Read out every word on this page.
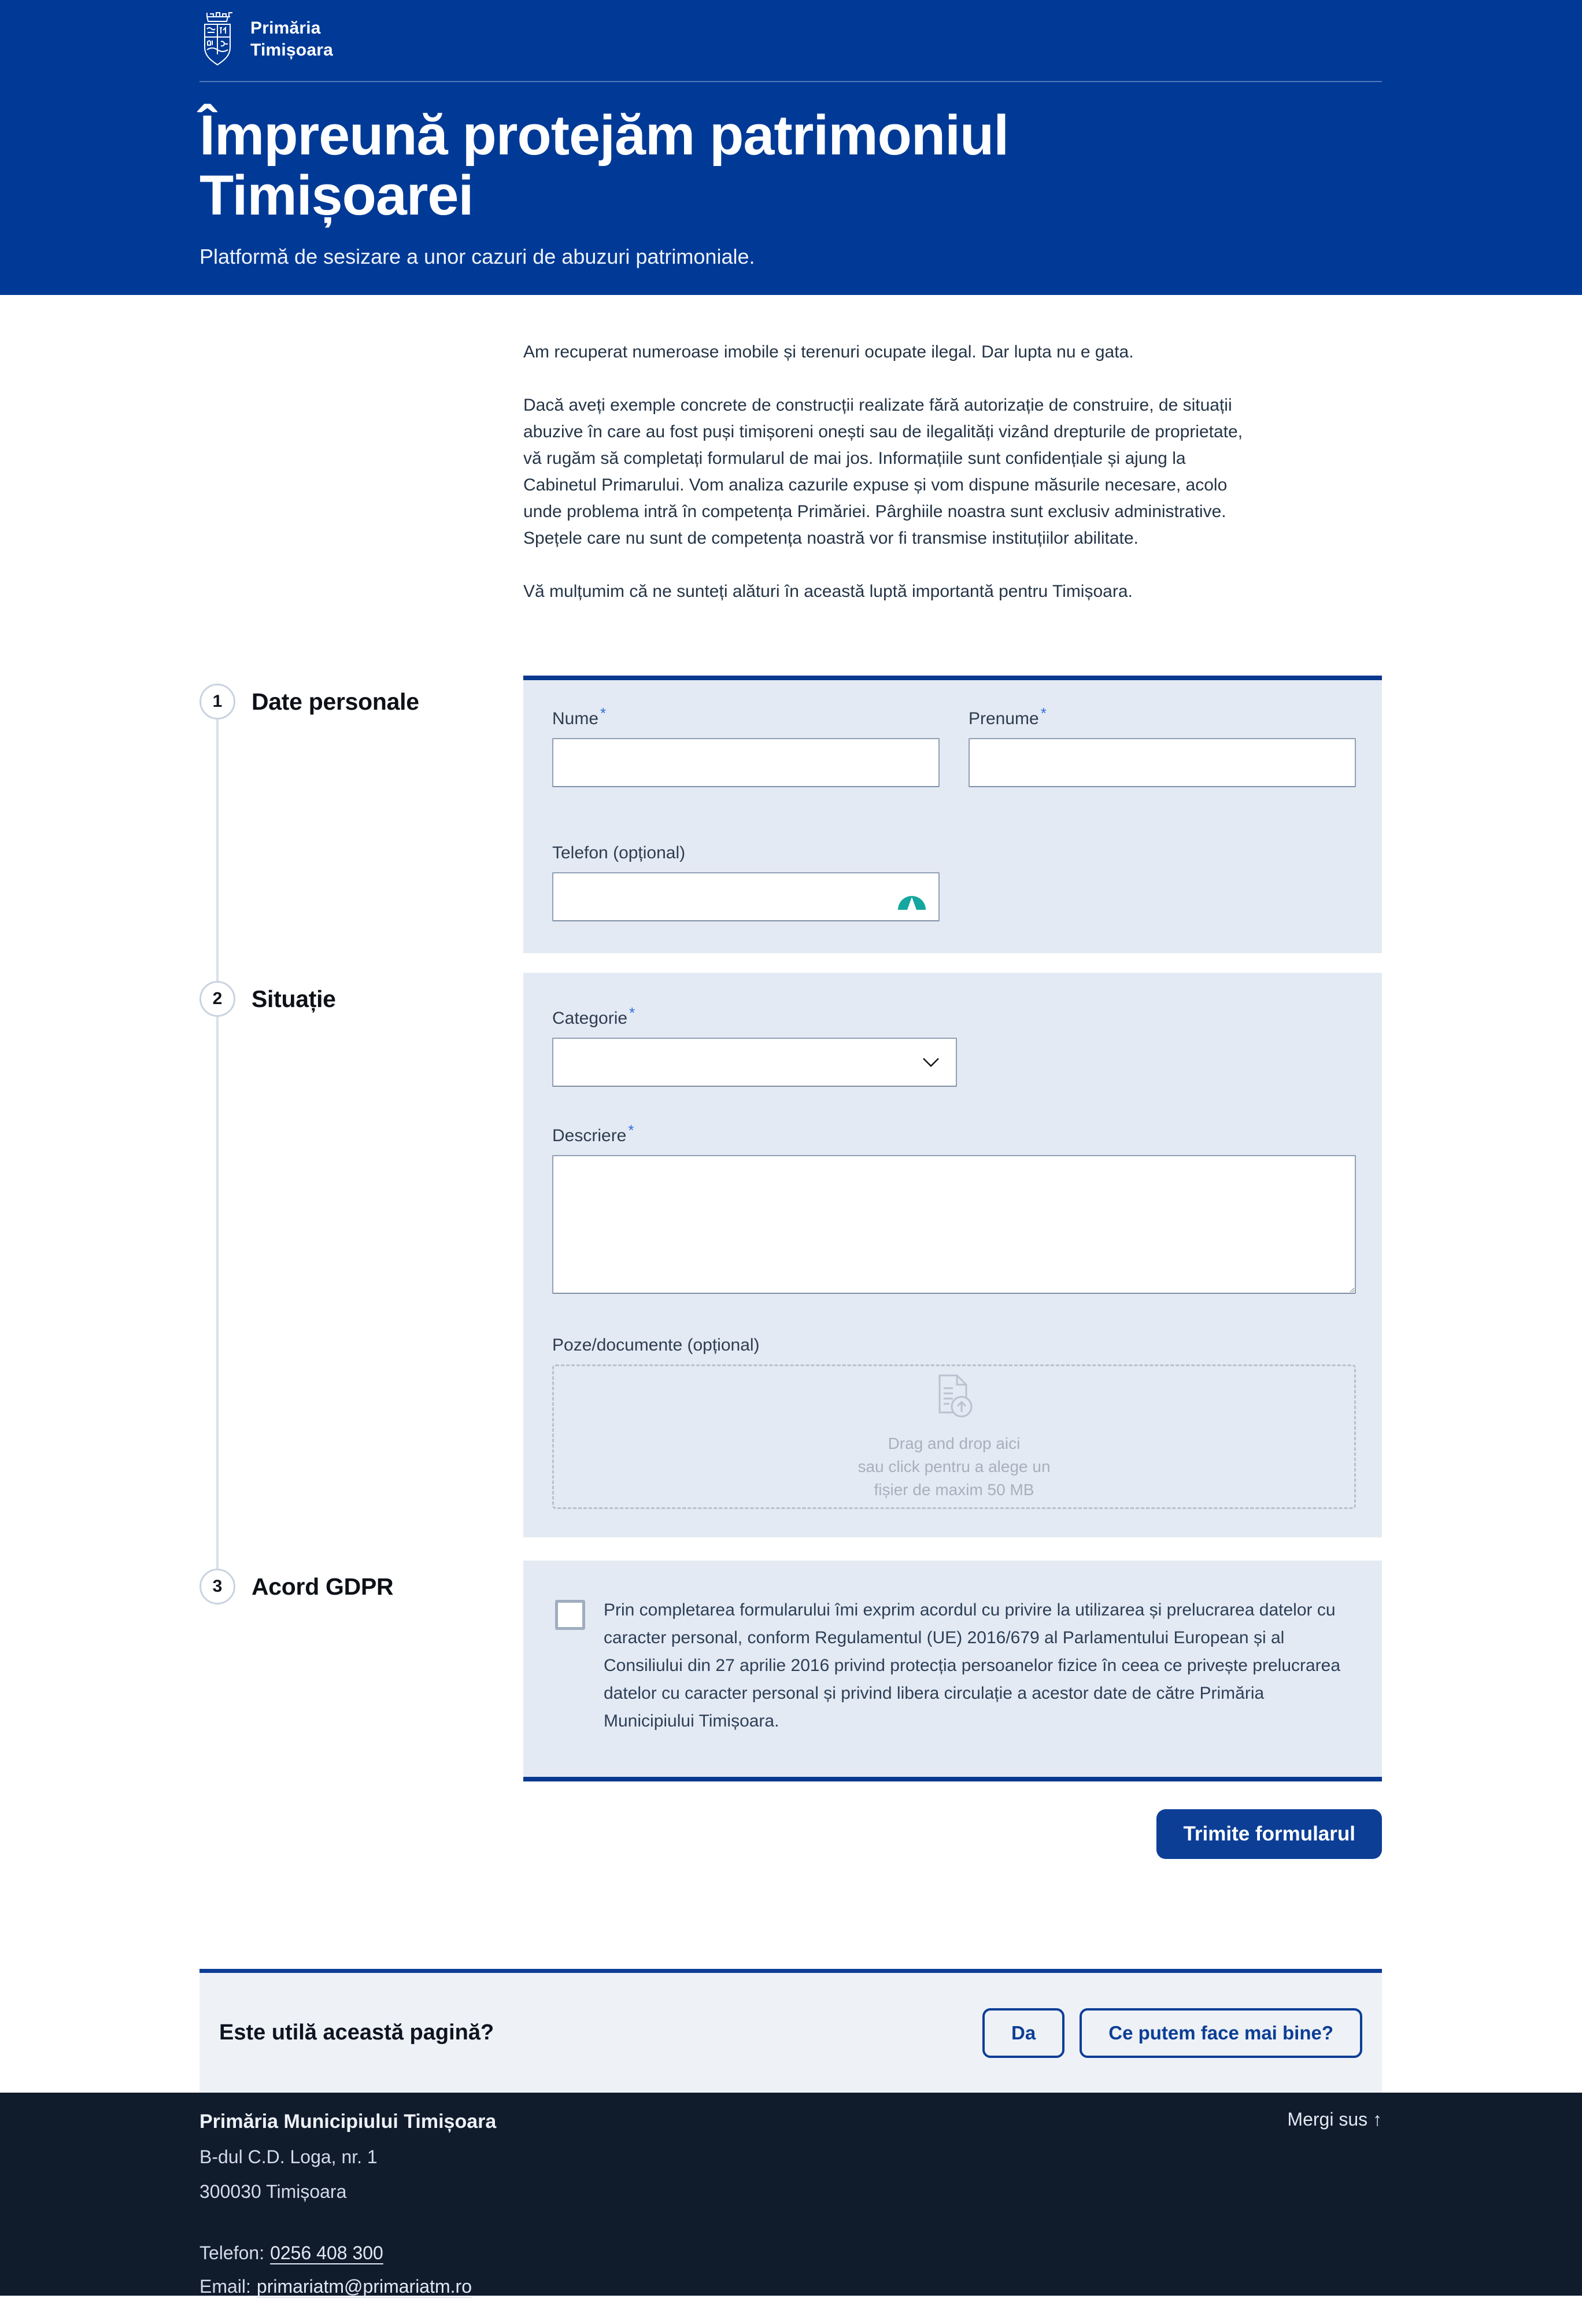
Primăria
Timișoara
Împreună protejăm patrimoniul Timișoarei

Platformă de sesizare a unor cazuri de abuzuri patrimoniale.

Am recuperat numeroase imobile și terenuri ocupate ilegal. Dar lupta nu e gata.

Dacă aveți exemple concrete de construcții realizate fără autorizație de construire, de situații abuzive în care au fost puși timișoreni onești sau de ilegalități vizând drepturile de proprietate, vă rugăm să completați formularul de mai jos. Informațiile sunt confidențiale și ajung la Cabinetul Primarului. Vom analiza cazurile expuse și vom dispune măsurile necesare, acolo unde problema intră în competența Primăriei. Pârghiile noastra sunt exclusiv administrative. Spețele care nu sunt de competența noastră vor fi transmise instituțiilor abilitate.

Vă mulțumim că ne sunteți alături în această luptă importantă pentru Timișoara.

1	Date personale
Nume *	Prenume *
Telefon (opțional)
2	Situație
Categorie *
Descriere *
Poze/documente (opțional)
Drag and drop aici
sau click pentru a alege un
fișier de maxim 50 MB
3	Acord GDPR

Prin completarea formularului îmi exprim acordul cu privire la utilizarea și prelucrarea datelor cu caracter personal, conform Regulamentul (UE) 2016/679 al Parlamentului European și al Consiliului din 27 aprilie 2016 privind protecția persoanelor fizice în ceea ce privește prelucrarea datelor cu caracter personal și privind libera circulație a acestor date de către Primăria Municipiului Timișoara.

Trimite formularul
Este utilă această pagină?	Da	Ce putem face mai bine?
Primăria Municipiului Timișoara
B-dul C.D. Loga, nr. 1
300030 Timișoara
Telefon: 0256 408 300
Email: primariatm@primariatm.ro
Mergi sus ↑
